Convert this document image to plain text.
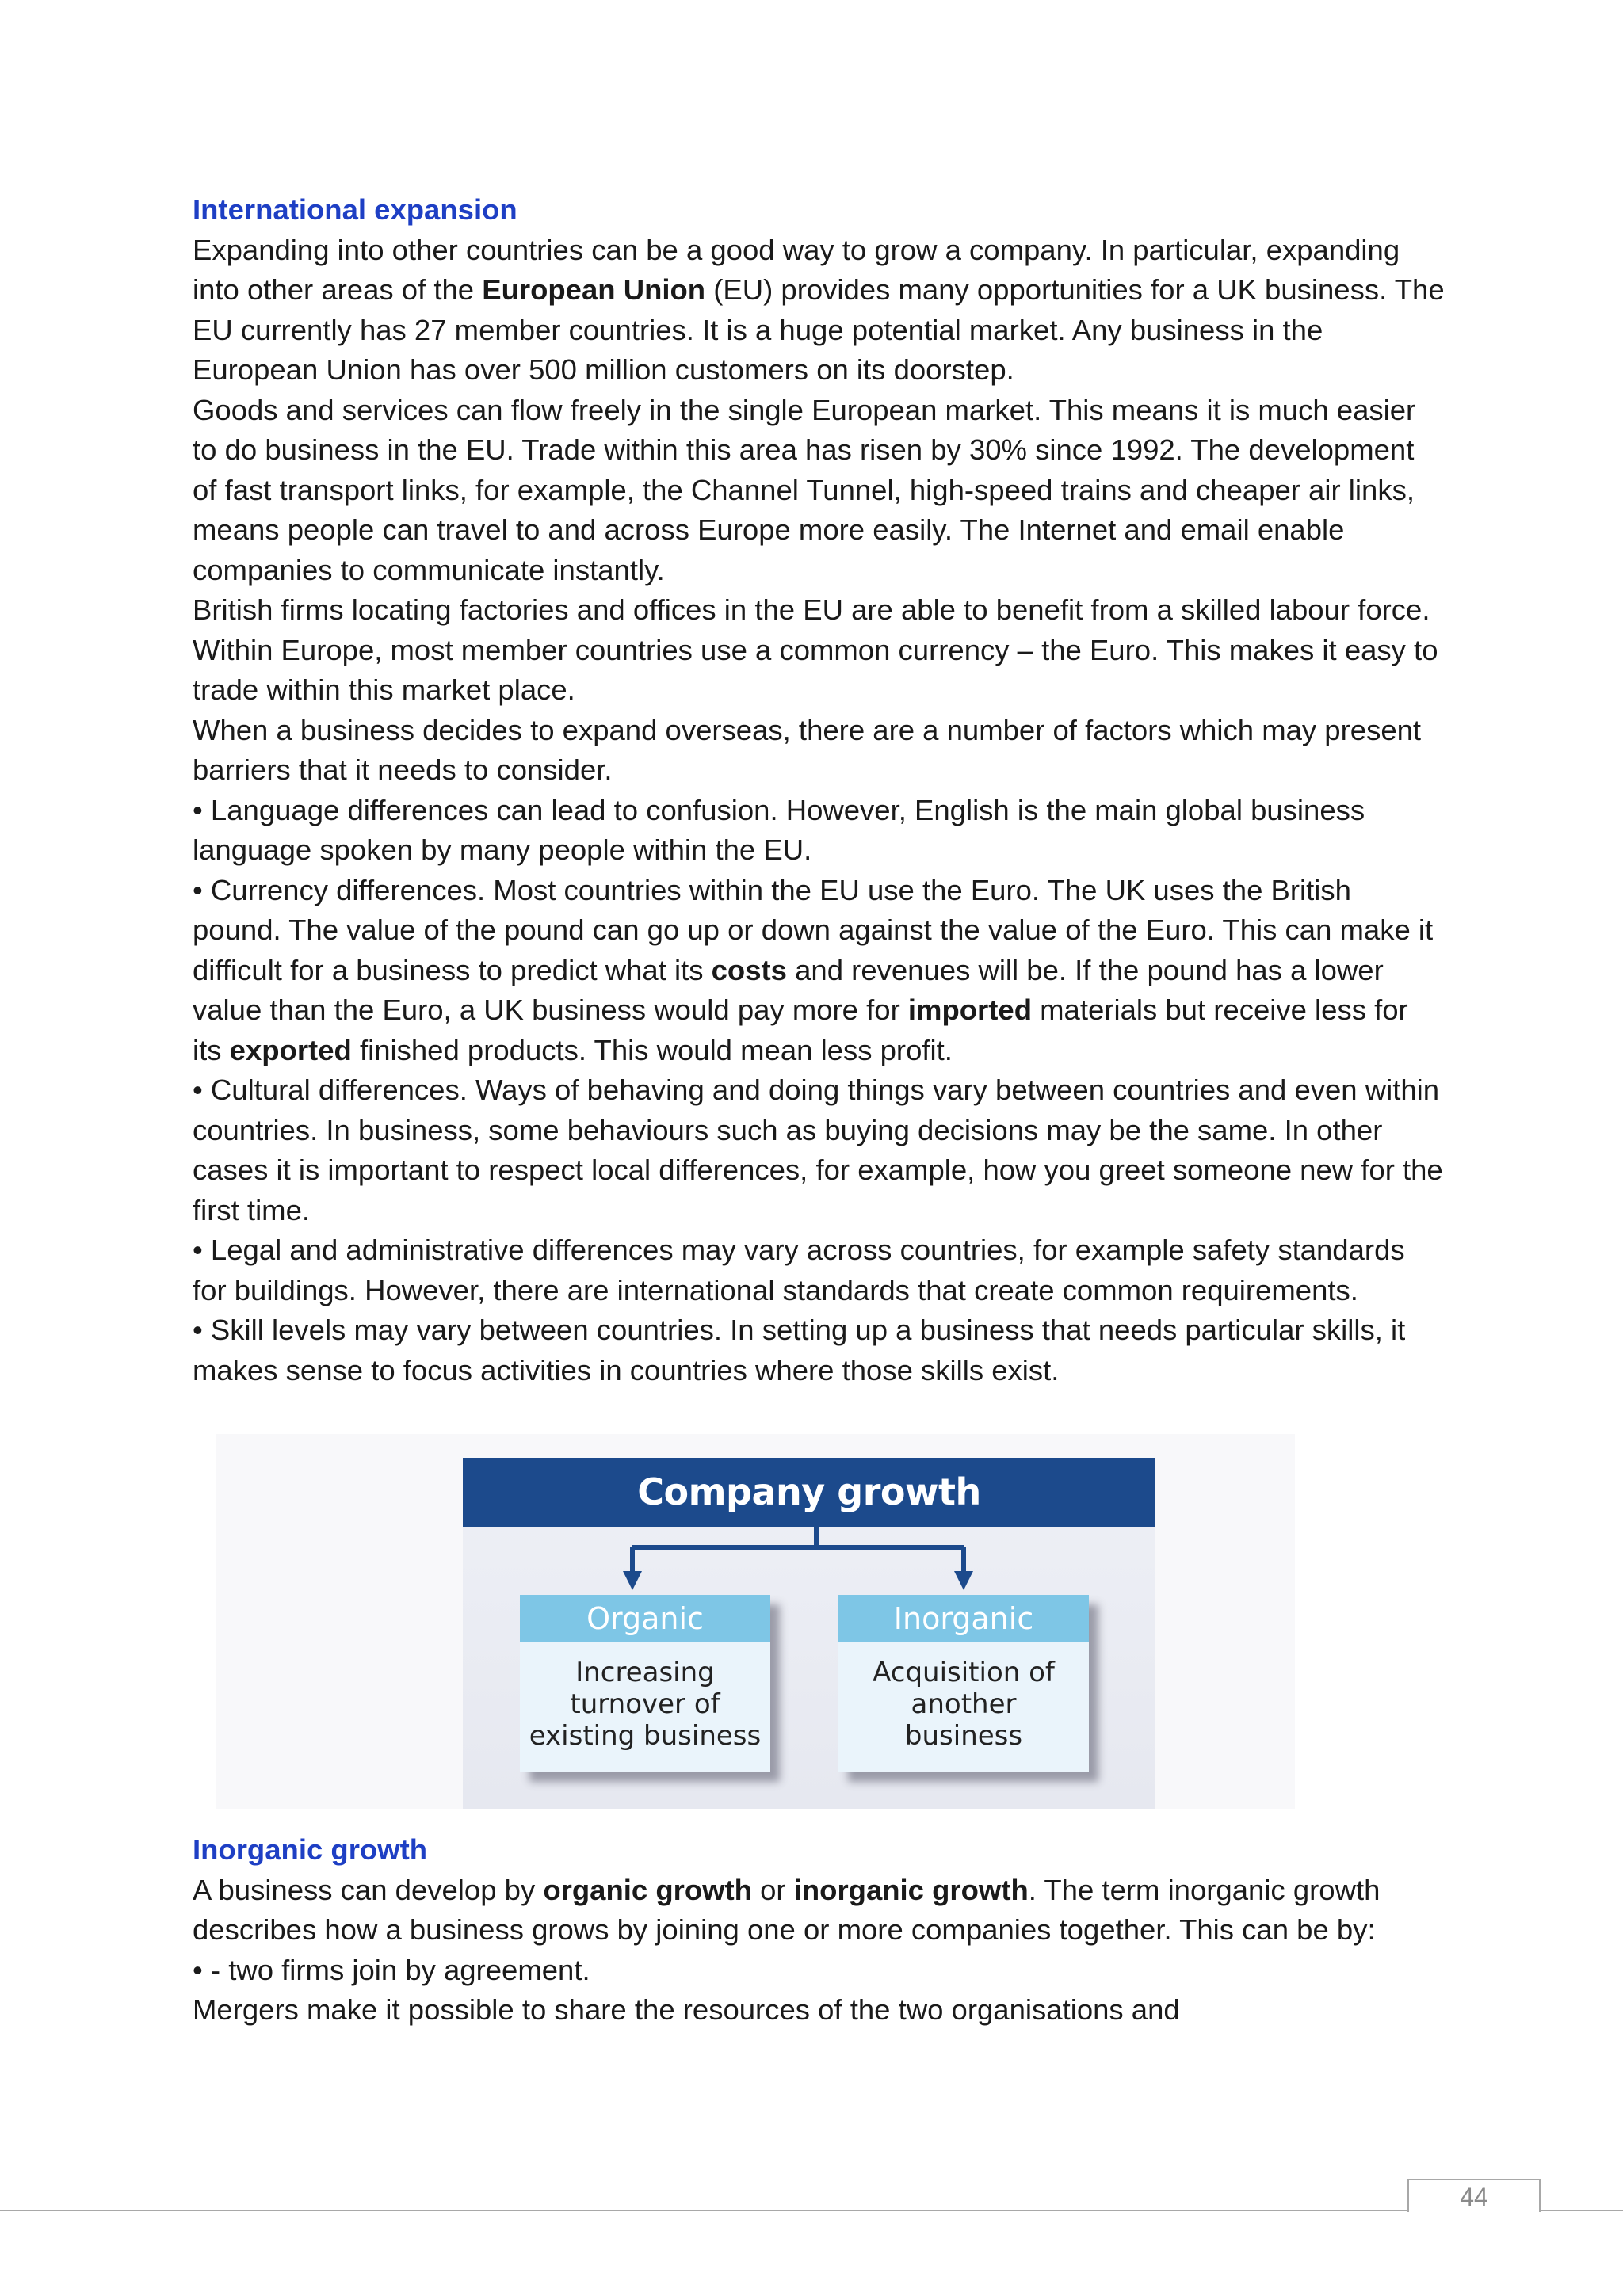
International expansion

Expanding into other countries can be a good way to grow a company. In particular, expanding into other areas of the European Union (EU) provides many opportunities for a UK business. The EU currently has 27 member countries. It is a huge potential market. Any business in the European Union has over 500 million customers on its doorstep.

Goods and services can flow freely in the single European market. This means it is much easier to do business in the EU. Trade within this area has risen by 30% since 1992. The development of fast transport links, for example, the Channel Tunnel, high-speed trains and cheaper air links, means people can travel to and across Europe more easily. The Internet and email enable companies to communicate instantly.

British firms locating factories and offices in the EU are able to benefit from a skilled labour force. Within Europe, most member countries use a common currency – the Euro. This makes it easy to trade within this market place.

When a business decides to expand overseas, there are a number of factors which may present barriers that it needs to consider.

• Language differences can lead to confusion. However, English is the main global business language spoken by many people within the EU.

• Currency differences. Most countries within the EU use the Euro. The UK uses the British pound. The value of the pound can go up or down against the value of the Euro. This can make it difficult for a business to predict what its costs and revenues will be. If the pound has a lower value than the Euro, a UK business would pay more for imported materials but receive less for its exported finished products. This would mean less profit.

• Cultural differences. Ways of behaving and doing things vary between countries and even within countries. In business, some behaviours such as buying decisions may be the same. In other cases it is important to respect local differences, for example, how you greet someone new for the first time.

• Legal and administrative differences may vary across countries, for example safety standards for buildings. However, there are international standards that create common requirements.

• Skill levels may vary between countries. In setting up a business that needs particular skills, it makes sense to focus activities in countries where those skills exist.

Company growth
Organic
Increasing
turnover of
existing business
Inorganic
Acquisition of
another
business
Inorganic growth

A business can develop by organic growth or inorganic growth. The term inorganic growth describes how a business grows by joining one or more companies together. This can be by:

• - two firms join by agreement.

Mergers make it possible to share the resources of the two organisations and

44
